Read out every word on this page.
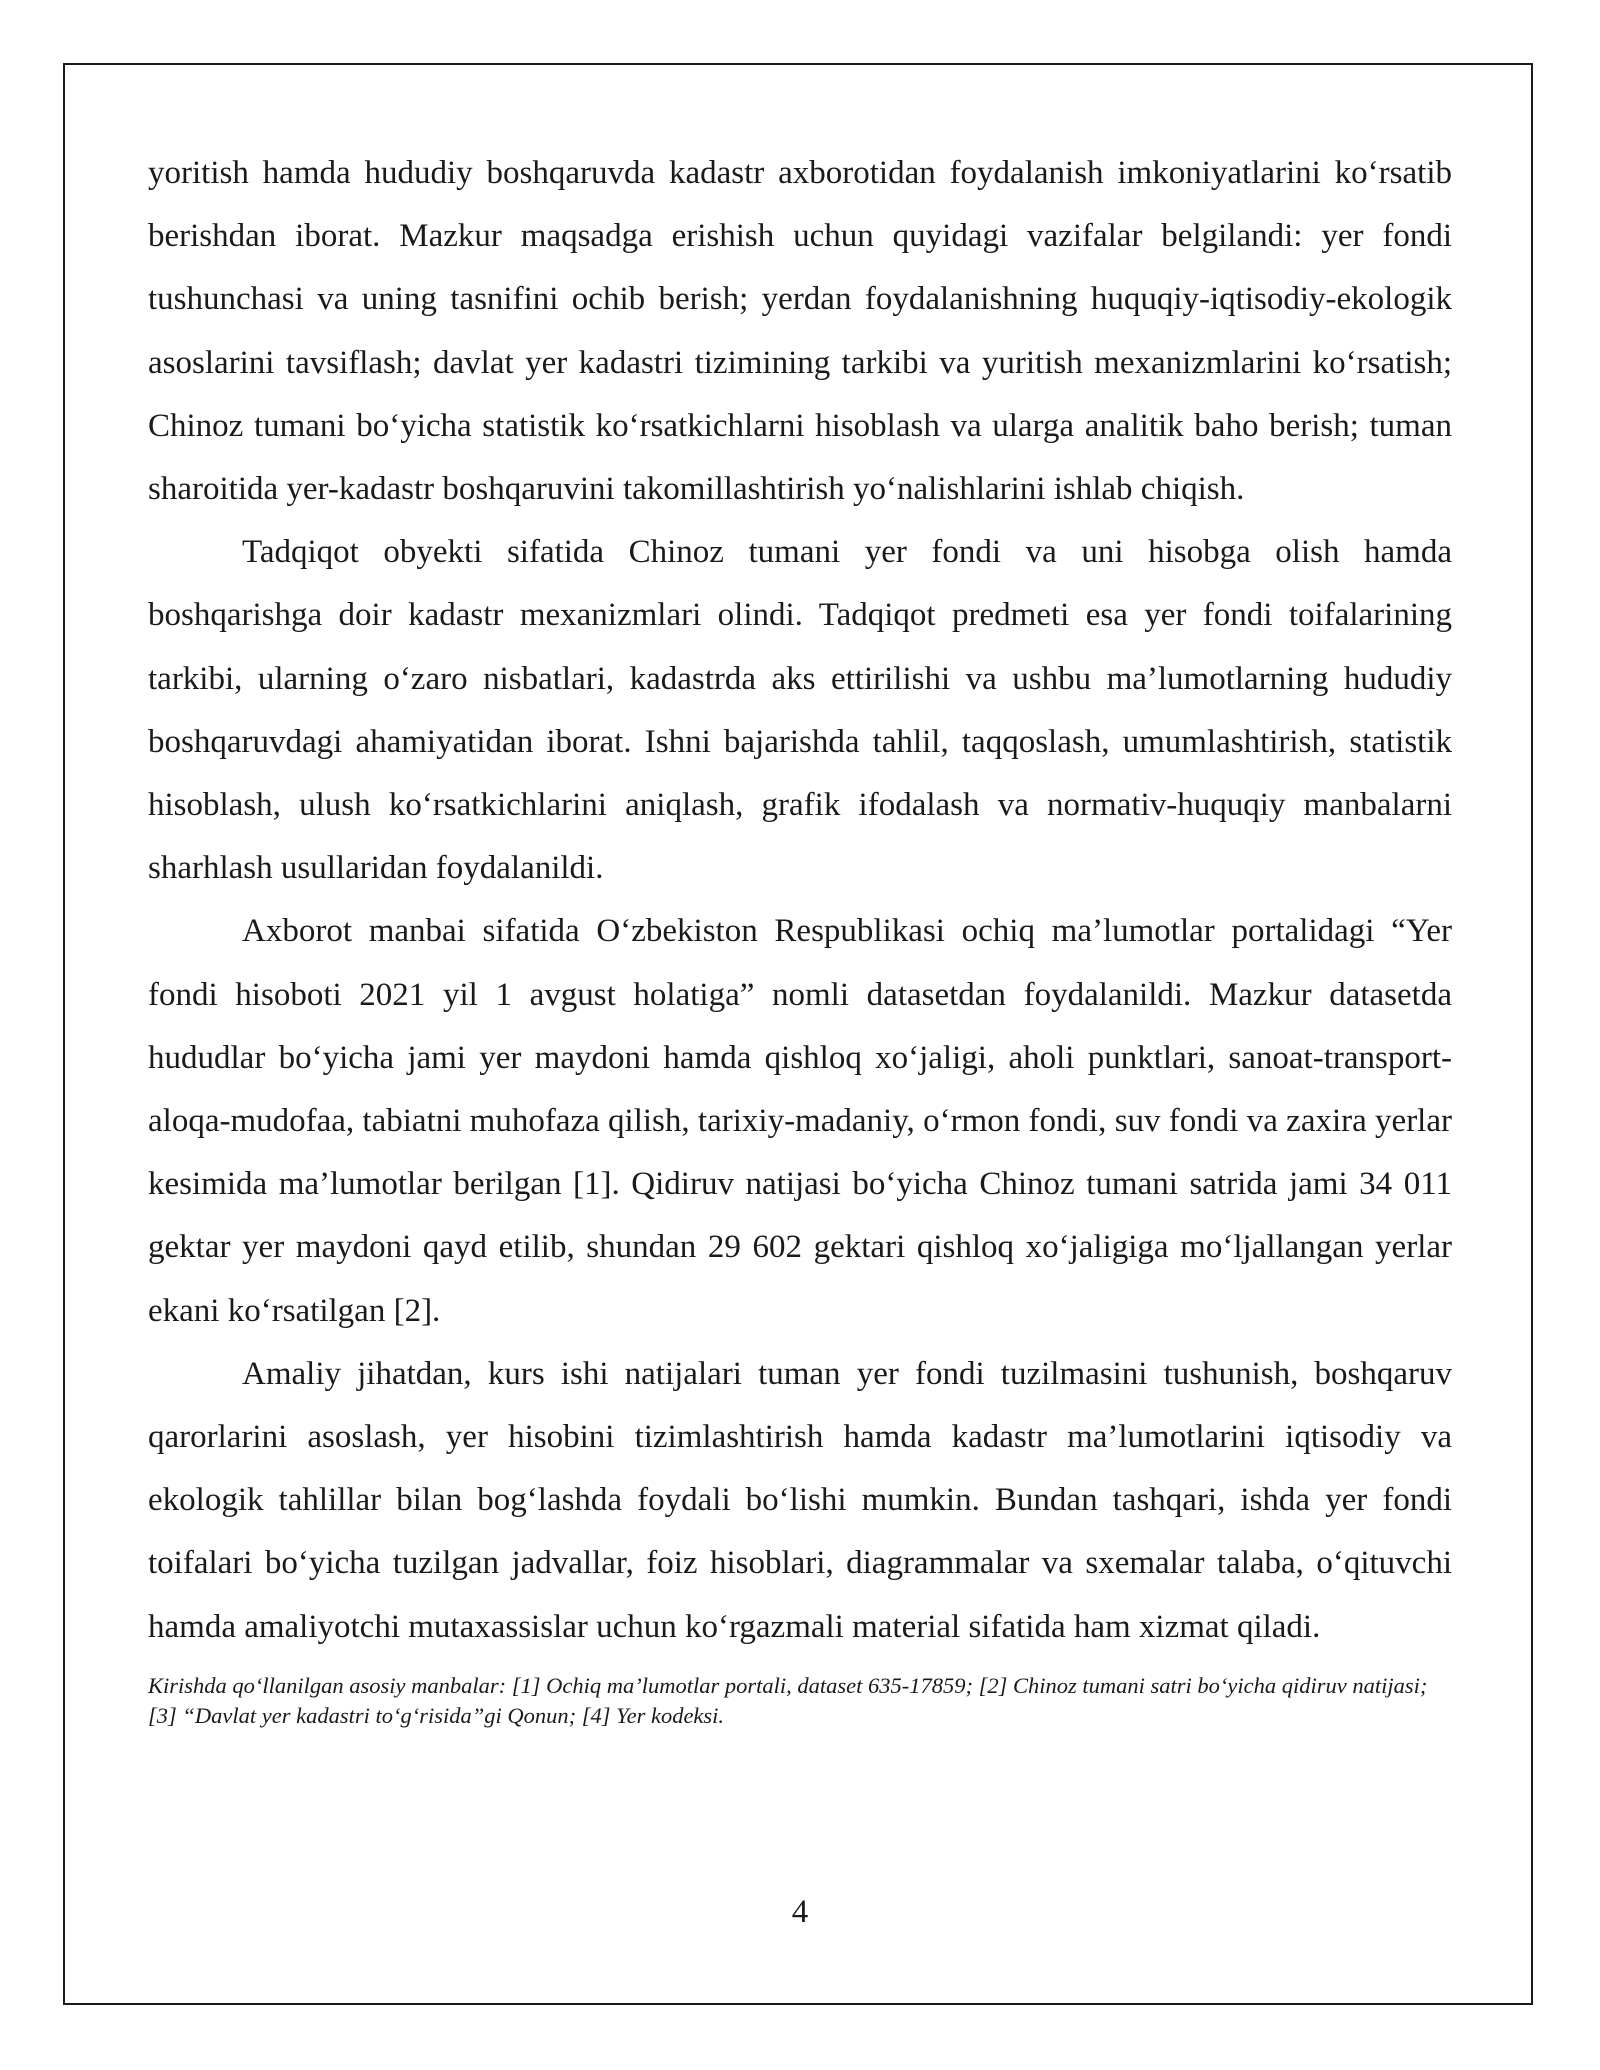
yoritish hamda hududiy boshqaruvda kadastr axborotidan foydalanish imkoniyatlarini ko‘rsatib berishdan iborat. Mazkur maqsadga erishish uchun quyidagi vazifalar belgilandi: yer fondi tushunchasi va uning tasnifini ochib berish; yerdan foydalanishning huquqiy-iqtisodiy-ekologik asoslarini tavsiflash; davlat yer kadastri tizimining tarkibi va yuritish mexanizmlarini ko‘rsatish; Chinoz tumani bo‘yicha statistik ko‘rsatkichlarni hisoblash va ularga analitik baho berish; tuman sharoitida yer-kadastr boshqaruvini takomillashtirish yo‘nalishlarini ishlab chiqish.

Tadqiqot obyekti sifatida Chinoz tumani yer fondi va uni hisobga olish hamda boshqarishga doir kadastr mexanizmlari olindi. Tadqiqot predmeti esa yer fondi toifalarining tarkibi, ularning o‘zaro nisbatlari, kadastrda aks ettirilishi va ushbu ma’lumotlarning hududiy boshqaruvdagi ahamiyatidan iborat. Ishni bajarishda tahlil, taqqoslash, umumlashtirish, statistik hisoblash, ulush ko‘rsatkichlarini aniqlash, grafik ifodalash va normativ-huquqiy manbalarni sharhlash usullaridan foydalanildi.

Axborot manbai sifatida O‘zbekiston Respublikasi ochiq ma’lumotlar portalidagi “Yer fondi hisoboti 2021 yil 1 avgust holatiga” nomli datasetdan foydalanildi. Mazkur datasetda hududlar bo‘yicha jami yer maydoni hamda qishloq xo‘jaligi, aholi punktlari, sanoat-transport-aloqa-mudofaa, tabiatni muhofaza qilish, tarixiy-madaniy, o‘rmon fondi, suv fondi va zaxira yerlar kesimida ma’lumotlar berilgan [1]. Qidiruv natijasi bo‘yicha Chinoz tumani satrida jami 34 011 gektar yer maydoni qayd etilib, shundan 29 602 gektari qishloq xo‘jaligiga mo‘ljallangan yerlar ekani ko‘rsatilgan [2].

Amaliy jihatdan, kurs ishi natijalari tuman yer fondi tuzilmasini tushunish, boshqaruv qarorlarini asoslash, yer hisobini tizimlashtirish hamda kadastr ma’lumotlarini iqtisodiy va ekologik tahlillar bilan bog‘lashda foydali bo‘lishi mumkin. Bundan tashqari, ishda yer fondi toifalari bo‘yicha tuzilgan jadvallar, foiz hisoblari, diagrammalar va sxemalar talaba, o‘qituvchi hamda amaliyotchi mutaxassislar uchun ko‘rgazmali material sifatida ham xizmat qiladi.

Kirishda qo‘llanilgan asosiy manbalar: [1] Ochiq ma’lumotlar portali, dataset 635-17859; [2] Chinoz tumani satri bo‘yicha qidiruv natijasi; [3] “Davlat yer kadastri to‘g‘risida”gi Qonun; [4] Yer kodeksi.

4
